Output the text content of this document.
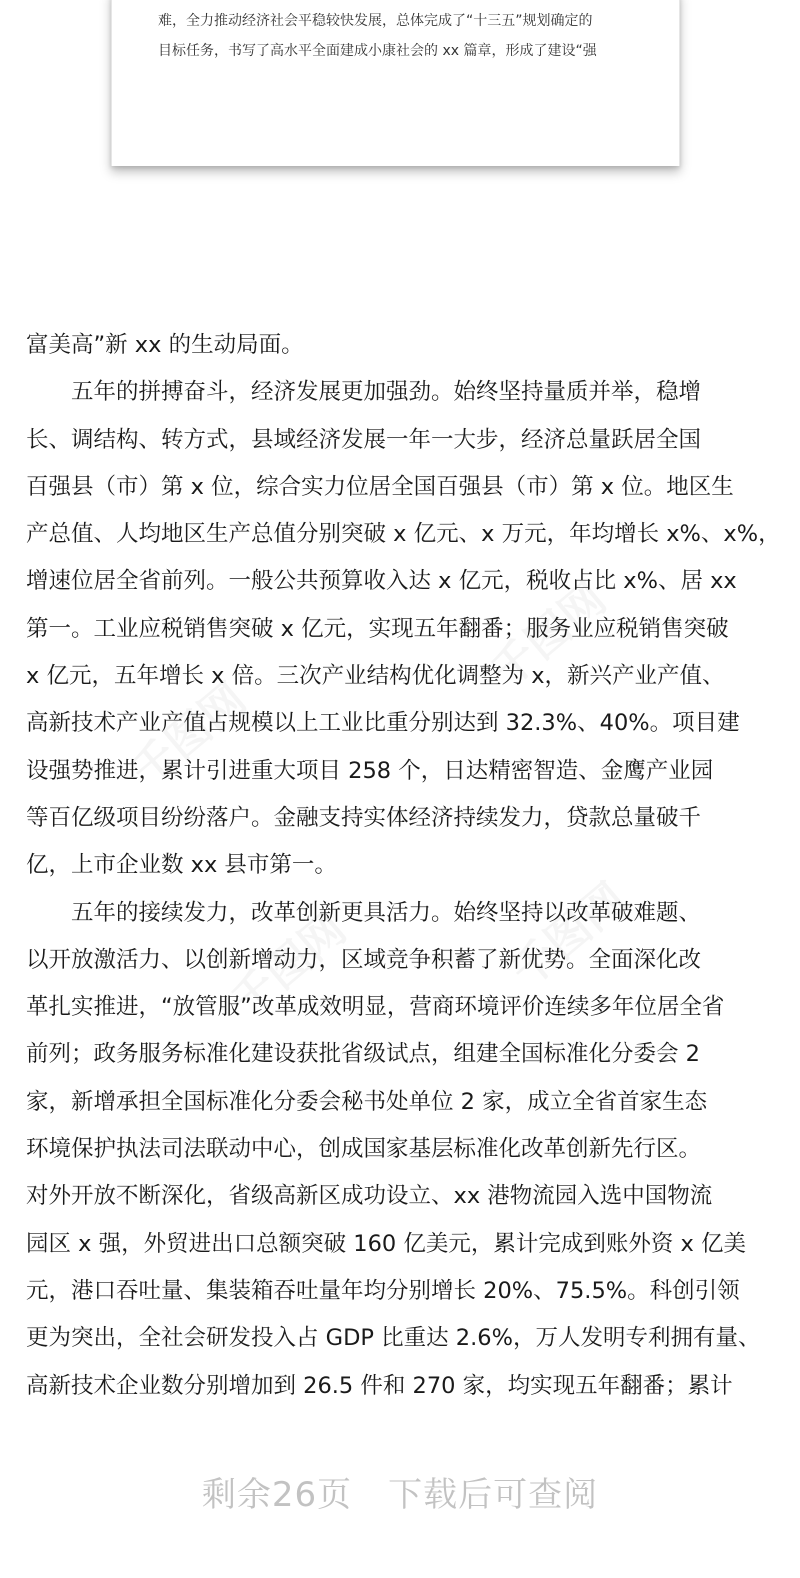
难，全力推动经济社会平稳较快发展，总体完成了“十三五”规划确定的
目标任务，书写了高水平全面建成小康社会的 xx 篇章，形成了建设“强
千图网
千图网
千图网	千图网
富美高”新 xx 的生动局面。
　　五年的拼搏奋斗，经济发展更加强劲。始终坚持量质并举，稳增
长、调结构、转方式，县域经济发展一年一大步，经济总量跃居全国
百强县（市）第 x 位，综合实力位居全国百强县（市）第 x 位。地区生
产总值、人均地区生产总值分别突破 x 亿元、x 万元，年均增长 x%、x%，
增速位居全省前列。一般公共预算收入达 x 亿元，税收占比 x%、居 xx
第一。工业应税销售突破 x 亿元，实现五年翻番；服务业应税销售突破
x 亿元，五年增长 x 倍。三次产业结构优化调整为 x，新兴产业产值、
高新技术产业产值占规模以上工业比重分别达到 32.3%、40%。项目建
设强势推进，累计引进重大项目 258 个，日达精密智造、金鹰产业园
等百亿级项目纷纷落户。金融支持实体经济持续发力，贷款总量破千
亿，上市企业数 xx 县市第一。
　　五年的接续发力，改革创新更具活力。始终坚持以改革破难题、
以开放激活力、以创新增动力，区域竞争积蓄了新优势。全面深化改
革扎实推进，“放管服”改革成效明显，营商环境评价连续多年位居全省
前列；政务服务标准化建设获批省级试点，组建全国标准化分委会 2
家，新增承担全国标准化分委会秘书处单位 2 家，成立全省首家生态
环境保护执法司法联动中心，创成国家基层标准化改革创新先行区。
对外开放不断深化，省级高新区成功设立、xx 港物流园入选中国物流
园区 x 强，外贸进出口总额突破 160 亿美元，累计完成到账外资 x 亿美
元，港口吞吐量、集装箱吞吐量年均分别增长 20%、75.5%。科创引领
更为突出，全社会研发投入占 GDP 比重达 2.6%，万人发明专利拥有量、
高新技术企业数分别增加到 26.5 件和 270 家，均实现五年翻番；累计
剩余26页 下载后可查阅
